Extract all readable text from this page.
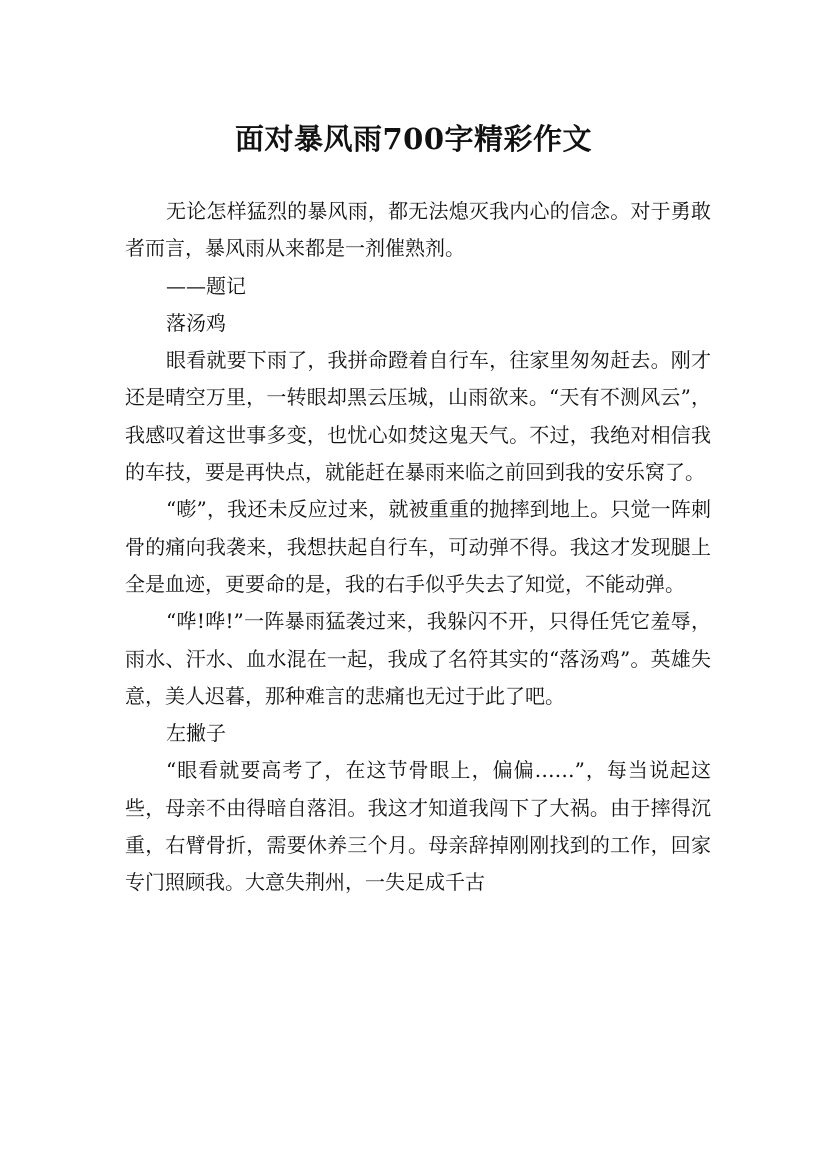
面对暴风雨700字精彩作文

无论怎样猛烈的暴风雨，都无法熄灭我内心的信念。对于勇敢者而言，暴风雨从来都是一剂催熟剂。

——题记

落汤鸡

眼看就要下雨了，我拼命蹬着自行车，往家里匆匆赶去。刚才还是晴空万里，一转眼却黑云压城，山雨欲来。“天有不测风云”，我感叹着这世事多变，也忧心如焚这鬼天气。不过，我绝对相信我的车技，要是再快点，就能赶在暴雨来临之前回到我的安乐窝了。

“嘭”，我还未反应过来，就被重重的抛摔到地上。只觉一阵刺骨的痛向我袭来，我想扶起自行车，可动弹不得。我这才发现腿上全是血迹，更要命的是，我的右手似乎失去了知觉，不能动弹。

“哗!哗!”一阵暴雨猛袭过来，我躲闪不开，只得任凭它羞辱，雨水、汗水、血水混在一起，我成了名符其实的“落汤鸡”。英雄失意，美人迟暮，那种难言的悲痛也无过于此了吧。

左撇子

“眼看就要高考了，在这节骨眼上，偏偏……”，每当说起这些，母亲不由得暗自落泪。我这才知道我闯下了大祸。由于摔得沉重，右臂骨折，需要休养三个月。母亲辞掉刚刚找到的工作，回家专门照顾我。大意失荆州，一失足成千古
